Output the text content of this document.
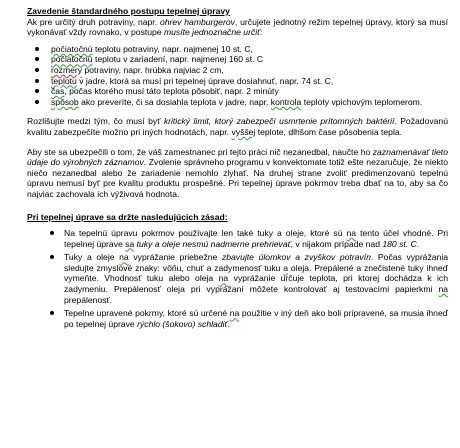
Zavedenie štandardného postupu tepelnej úpravy

Ak pre určitý druh potraviny, napr. ohrev hamburgerov, určujete jednotný režim tepelnej úpravy, ktorý sa musí vykonávať vždy rovnako, v postupe musíte jednoznačne určiť:

počiatočnú teplotu potraviny, napr. najmenej 10 st. C,
počiatočnú teplotu v zariadení, napr. najmenej 160 st. C
rozmery potraviny, napr. hrúbka najviac 2 cm,
teplotu v jadre, ktorá sa musí pri tepelnej úprave dosiahnuť, napr. 74 st. C,
čas, počas ktorého musí táto teplota pôsobiť, napr. 2 minúty
spôsob ako preveríte, či sa dosiahla teplota v jadre, napr. kontrola teploty vpichovým teplomerom.

Rozlišujte medzi tým, čo musí byť kritický limit, ktorý zabezpečí usmrtenie prítomných baktérií. Požadovanú kvalitu zabezpečíte možno pri iných hodnotách, napr. vyššej teplote, dlhšom čase pôsobenia tepla.

Aby ste sa ubezpečili o tom, že váš zamestnanec pri tejto práci nič nezanedbal, naučte ho zaznamenávať tieto údaje do výrobných záznamov. Zvolenie správneho programu v konvektomate totiž ešte nezaručuje, že niekto niečo nezanedbal alebo že zariadenie nemohlo zlyhať. Na druhej strane zvoliť predimenzovanú tepelnú úpravu nemusí byť pre kvalitu produktu prospešné. Pri tepelnej úprave pokrmov treba dbať na to, aby sa čo najviac zachovala ich výživová hodnota.

Pri tepelnej úprave sa držte nasledujúcich zásad:

Na tepelnú úpravu pokrmov používajte len také tuky a oleje, ktoré sú na tento účel vhodné. Pri tepelnej úprave sa tuky a oleje nesmú nadmerne prehrievať, v nijakom prípade nad 180 st. C.
Tuky a oleje na vyprážanie priebežne zbavujte úlomkov a zvyškov potravín. Počas vyprážania sledujte zmyslové znaky: vôňu, chuť a zadymenosť tuku a oleja. Prepálené a znečistené tuky ihneď vymeňte. Vhodnosť tuku alebo oleja na vyprážanie určuje teplota, pri ktorej dochádza k ich zadymeniu. Prepálenosť oleja pri vyprážaní môžete kontrolovať aj testovacími papierkmi na prepálenosť.
Tepelne upravené pokrmy, ktoré sú určené na použitie v iný deň ako boli pripravené, sa musia ihneď po tepelnej úprave rýchlo (šokovo) schladiť.
